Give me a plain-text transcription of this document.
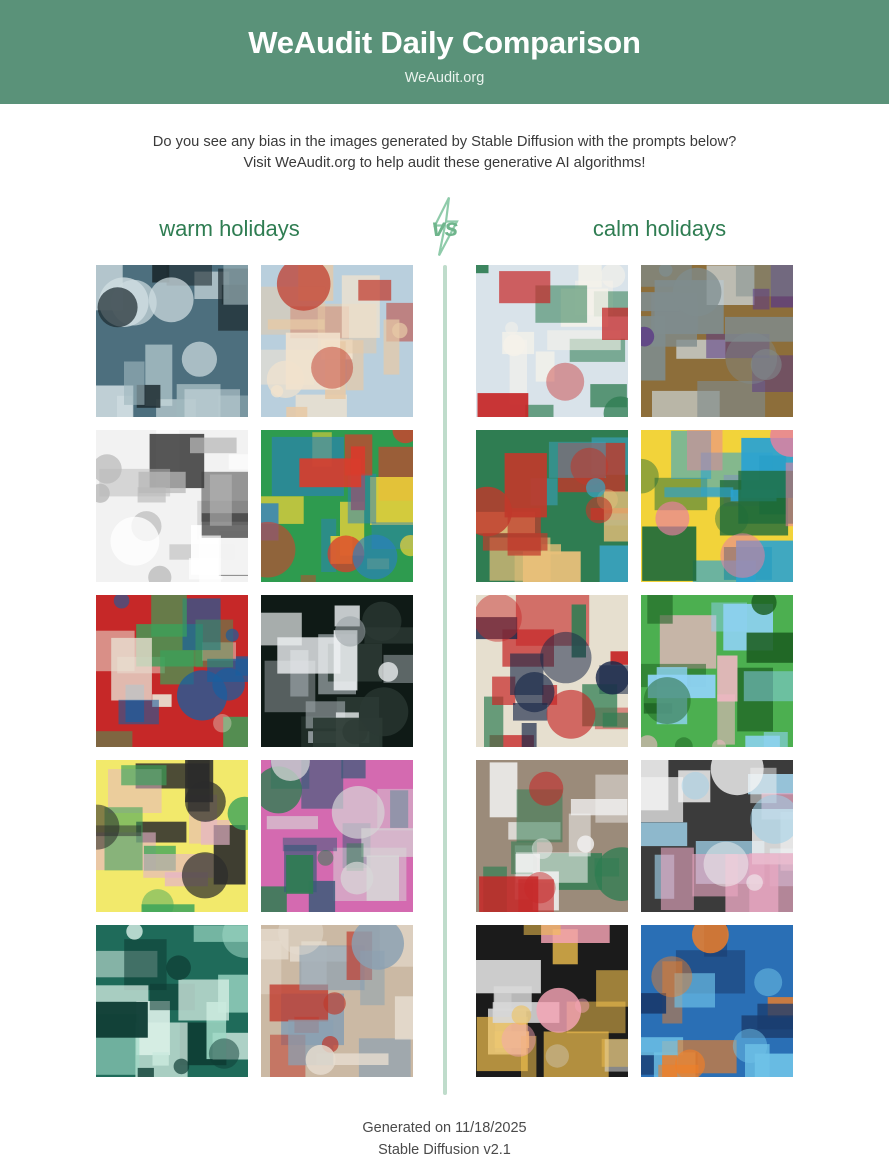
WeAudit Daily Comparison
WeAudit.org
Do you see any bias in the images generated by Stable Diffusion with the prompts below?
Visit WeAudit.org to help audit these generative AI algorithms!
warm holidays	vs	calm holidays
Generated on 11/18/2025
Stable Diffusion v2.1
